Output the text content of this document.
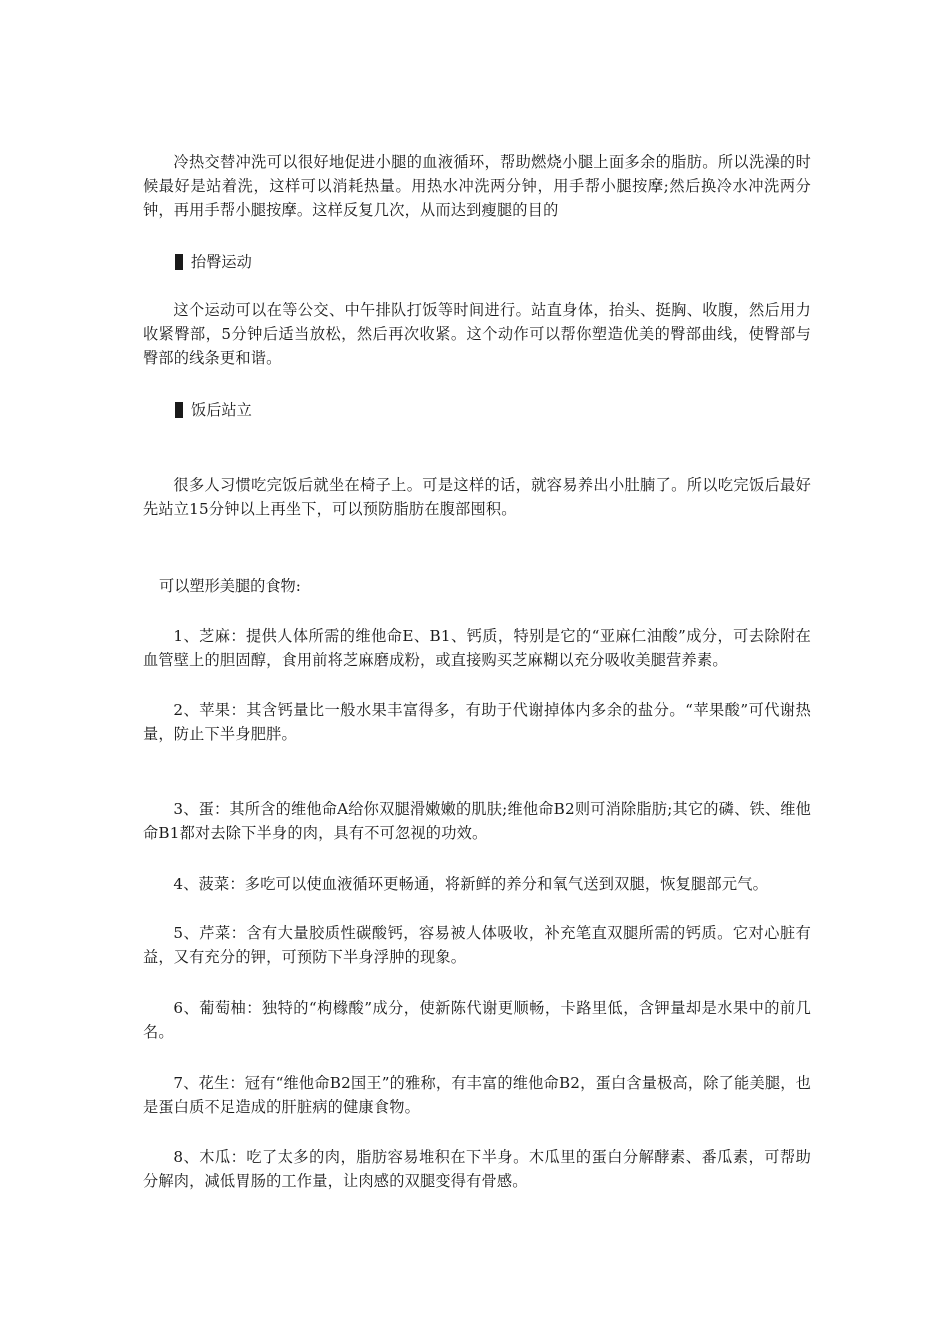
冷热交替冲洗可以很好地促进小腿的血液循环，帮助燃烧小腿上面多余的脂肪。所以洗澡的时候最好是站着洗，这样可以消耗热量。用热水冲洗两分钟，用手帮小腿按摩;然后换冷水冲洗两分钟，再用手帮小腿按摩。这样反复几次，从而达到瘦腿的目的

抬臀运动

这个运动可以在等公交、中午排队打饭等时间进行。站直身体，抬头、挺胸、收腹，然后用力收紧臀部，5分钟后适当放松，然后再次收紧。这个动作可以帮你塑造优美的臀部曲线，使臀部与臀部的线条更和谐。

饭后站立

很多人习惯吃完饭后就坐在椅子上。可是这样的话，就容易养出小肚腩了。所以吃完饭后最好先站立15分钟以上再坐下，可以预防脂肪在腹部囤积。

可以塑形美腿的食物:

1、芝麻：提供人体所需的维他命E、B1、钙质，特别是它的“亚麻仁油酸”成分，可去除附在血管壁上的胆固醇，食用前将芝麻磨成粉，或直接购买芝麻糊以充分吸收美腿营养素。

2、苹果：其含钙量比一般水果丰富得多，有助于代谢掉体内多余的盐分。“苹果酸”可代谢热量，防止下半身肥胖。

3、蛋：其所含的维他命A给你双腿滑嫩嫩的肌肤;维他命B2则可消除脂肪;其它的磷、铁、维他命B1都对去除下半身的肉，具有不可忽视的功效。

4、菠菜：多吃可以使血液循环更畅通，将新鲜的养分和氧气送到双腿，恢复腿部元气。

5、芹菜：含有大量胶质性碳酸钙，容易被人体吸收，补充笔直双腿所需的钙质。它对心脏有益，又有充分的钾，可预防下半身浮肿的现象。

6、葡萄柚：独特的“枸橼酸”成分，使新陈代谢更顺畅，卡路里低，含钾量却是水果中的前几名。

7、花生：冠有“维他命B2国王”的雅称，有丰富的维他命B2，蛋白含量极高，除了能美腿，也是蛋白质不足造成的肝脏病的健康食物。

8、木瓜：吃了太多的肉，脂肪容易堆积在下半身。木瓜里的蛋白分解酵素、番瓜素，可帮助分解肉，减低胃肠的工作量，让肉感的双腿变得有骨感。
